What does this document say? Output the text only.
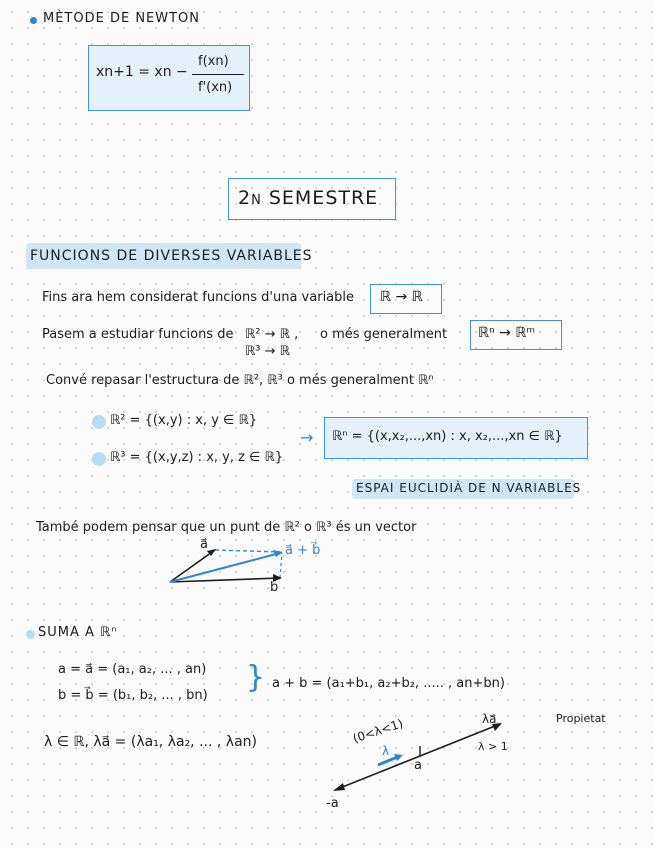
MÈTODE DE NEWTON
xn+1 = xn −
f(xn)
f'(xn)
2n SEMESTRE
FUNCIONS DE DIVERSES VARIABLES
Fins ara hem considerat funcions d'una variable ℝ → ℝ
Pasem a estudiar funcions de ℝ² → ℝ ,
ℝ³ → ℝ
o més generalment ℝⁿ → ℝᵐ
Convé repasar l'estructura de ℝ², ℝ³ o més generalment ℝⁿ
ℝ² = {(x,y) : x, y ∈ ℝ}
ℝ³ = {(x,y,z) : x, y, z ∈ ℝ}
→ ℝⁿ = {(x,x₂,...,xn) : x, x₂,...,xn ∈ ℝ}
ESPAI EUCLIDIÀ DE N VARIABLES
També podem pensar que un punt de ℝ² o ℝ³ és un vector
a⃗
b
a⃗ + b⃗
SUMA A ℝⁿ
a = a⃗ = (a₁, a₂, ... , an)
b = b⃗ = (b₁, b₂, ... , bn)
} a + b = (a₁+b₁, a₂+b₂, ..... , an+bn)
λ ∈ ℝ, λa⃗ = (λa₁, λa₂, ... , λan)	(0<λ<1)	λa⃗
λ > 1
Propietat
λ
a
-a
